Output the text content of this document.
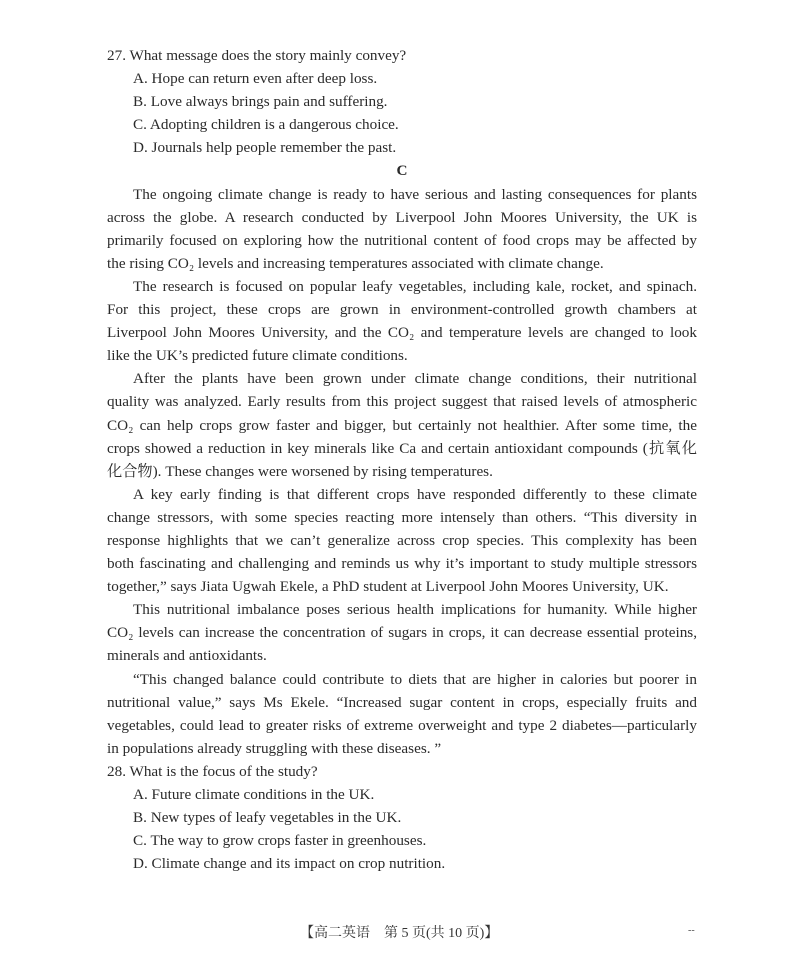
27. What message does the story mainly convey?
A. Hope can return even after deep loss.
B. Love always brings pain and suffering.
C. Adopting children is a dangerous choice.
D. Journals help people remember the past.
C
The ongoing climate change is ready to have serious and lasting consequences for plants
across the globe. A research conducted by Liverpool John Moores University, the UK is
primarily focused on exploring how the nutritional content of food crops may be affected by
the rising CO₂ levels and increasing temperatures associated with climate change.
The research is focused on popular leafy vegetables, including kale, rocket, and spinach.
For this project, these crops are grown in environment-controlled growth chambers at
Liverpool John Moores University, and the CO₂ and temperature levels are changed to look
like the UK’s predicted future climate conditions.
After the plants have been grown under climate change conditions, their nutritional
quality was analyzed. Early results from this project suggest that raised levels of atmospheric
CO₂ can help crops grow faster and bigger, but certainly not healthier. After some time, the
crops showed a reduction in key minerals like Ca and certain antioxidant compounds (抗氧化
化合物). These changes were worsened by rising temperatures.
A key early finding is that different crops have responded differently to these climate
change stressors, with some species reacting more intensely than others. “This diversity in
response highlights that we can’t generalize across crop species. This complexity has been
both fascinating and challenging and reminds us why it’s important to study multiple stressors
together,” says Jiata Ugwah Ekele, a PhD student at Liverpool John Moores University, UK.
This nutritional imbalance poses serious health implications for humanity. While higher
CO₂ levels can increase the concentration of sugars in crops, it can decrease essential proteins,
minerals and antioxidants.
“This changed balance could contribute to diets that are higher in calories but poorer in
nutritional value,” says Ms Ekele. “Increased sugar content in crops, especially fruits and
vegetables, could lead to greater risks of extreme overweight and type 2 diabetes—particularly
in populations already struggling with these diseases. ”
28. What is the focus of the study?
A. Future climate conditions in the UK.
B. New types of leafy vegetables in the UK.
C. The way to grow crops faster in greenhouses.
D. Climate change and its impact on crop nutrition.
【高二英语　第 5 页(共 10 页)】	--
